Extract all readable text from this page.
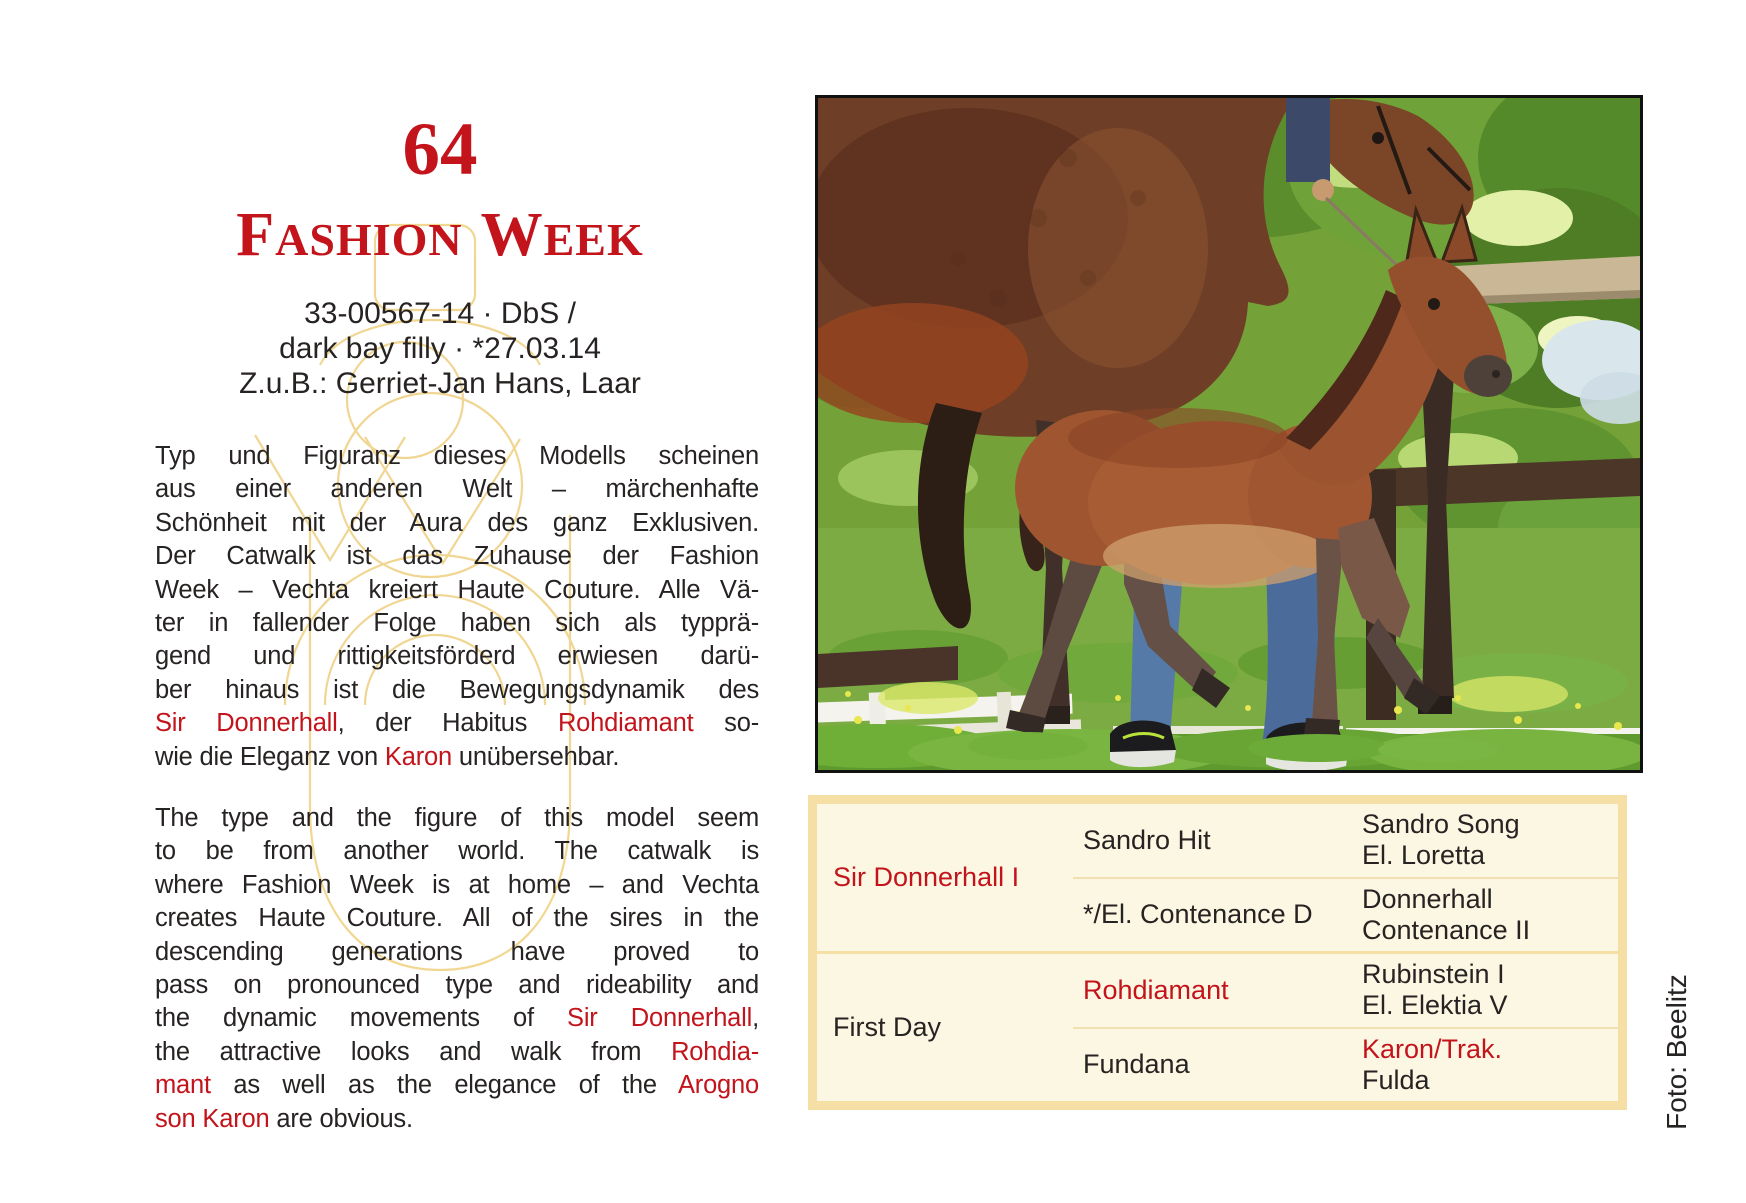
64
FASHION WEEK
33-00567-14 · DbS /
dark bay filly · *27.03.14
Z.u.B.: Gerriet-Jan Hans, Laar
Typ und Figuranz dieses Modells scheinen
aus einer anderen Welt – märchenhafte
Schönheit mit der Aura des ganz Exklusiven.
Der Catwalk ist das Zuhause der Fashion
Week – Vechta kreiert Haute Couture. Alle Vä-
ter in fallender Folge haben sich als typprä-
gend und rittigkeitsförderd erwiesen darü-
ber hinaus ist die Bewegungsdynamik des
Sir Donnerhall, der Habitus Rohdiamant so-
wie die Eleganz von Karon unübersehbar.
The type and the figure of this model seem
to be from another world. The catwalk is
where Fashion Week is at home – and Vechta
creates Haute Couture. All of the sires in the
descending generations have proved to
pass on pronounced type and rideability and
the dynamic movements of Sir Donnerhall,
the attractive looks and walk from Rohdia-
mant as well as the elegance of the Arogno
son Karon are obvious.
Sir Donnerhall I
Sandro Hit
Sandro Song
El. Loretta
*/El. Contenance D
Donnerhall
Contenance II
First Day
Rohdiamant
Rubinstein I
El. Elektia V
Fundana
Karon/Trak.
Fulda	Foto: Beelitz
